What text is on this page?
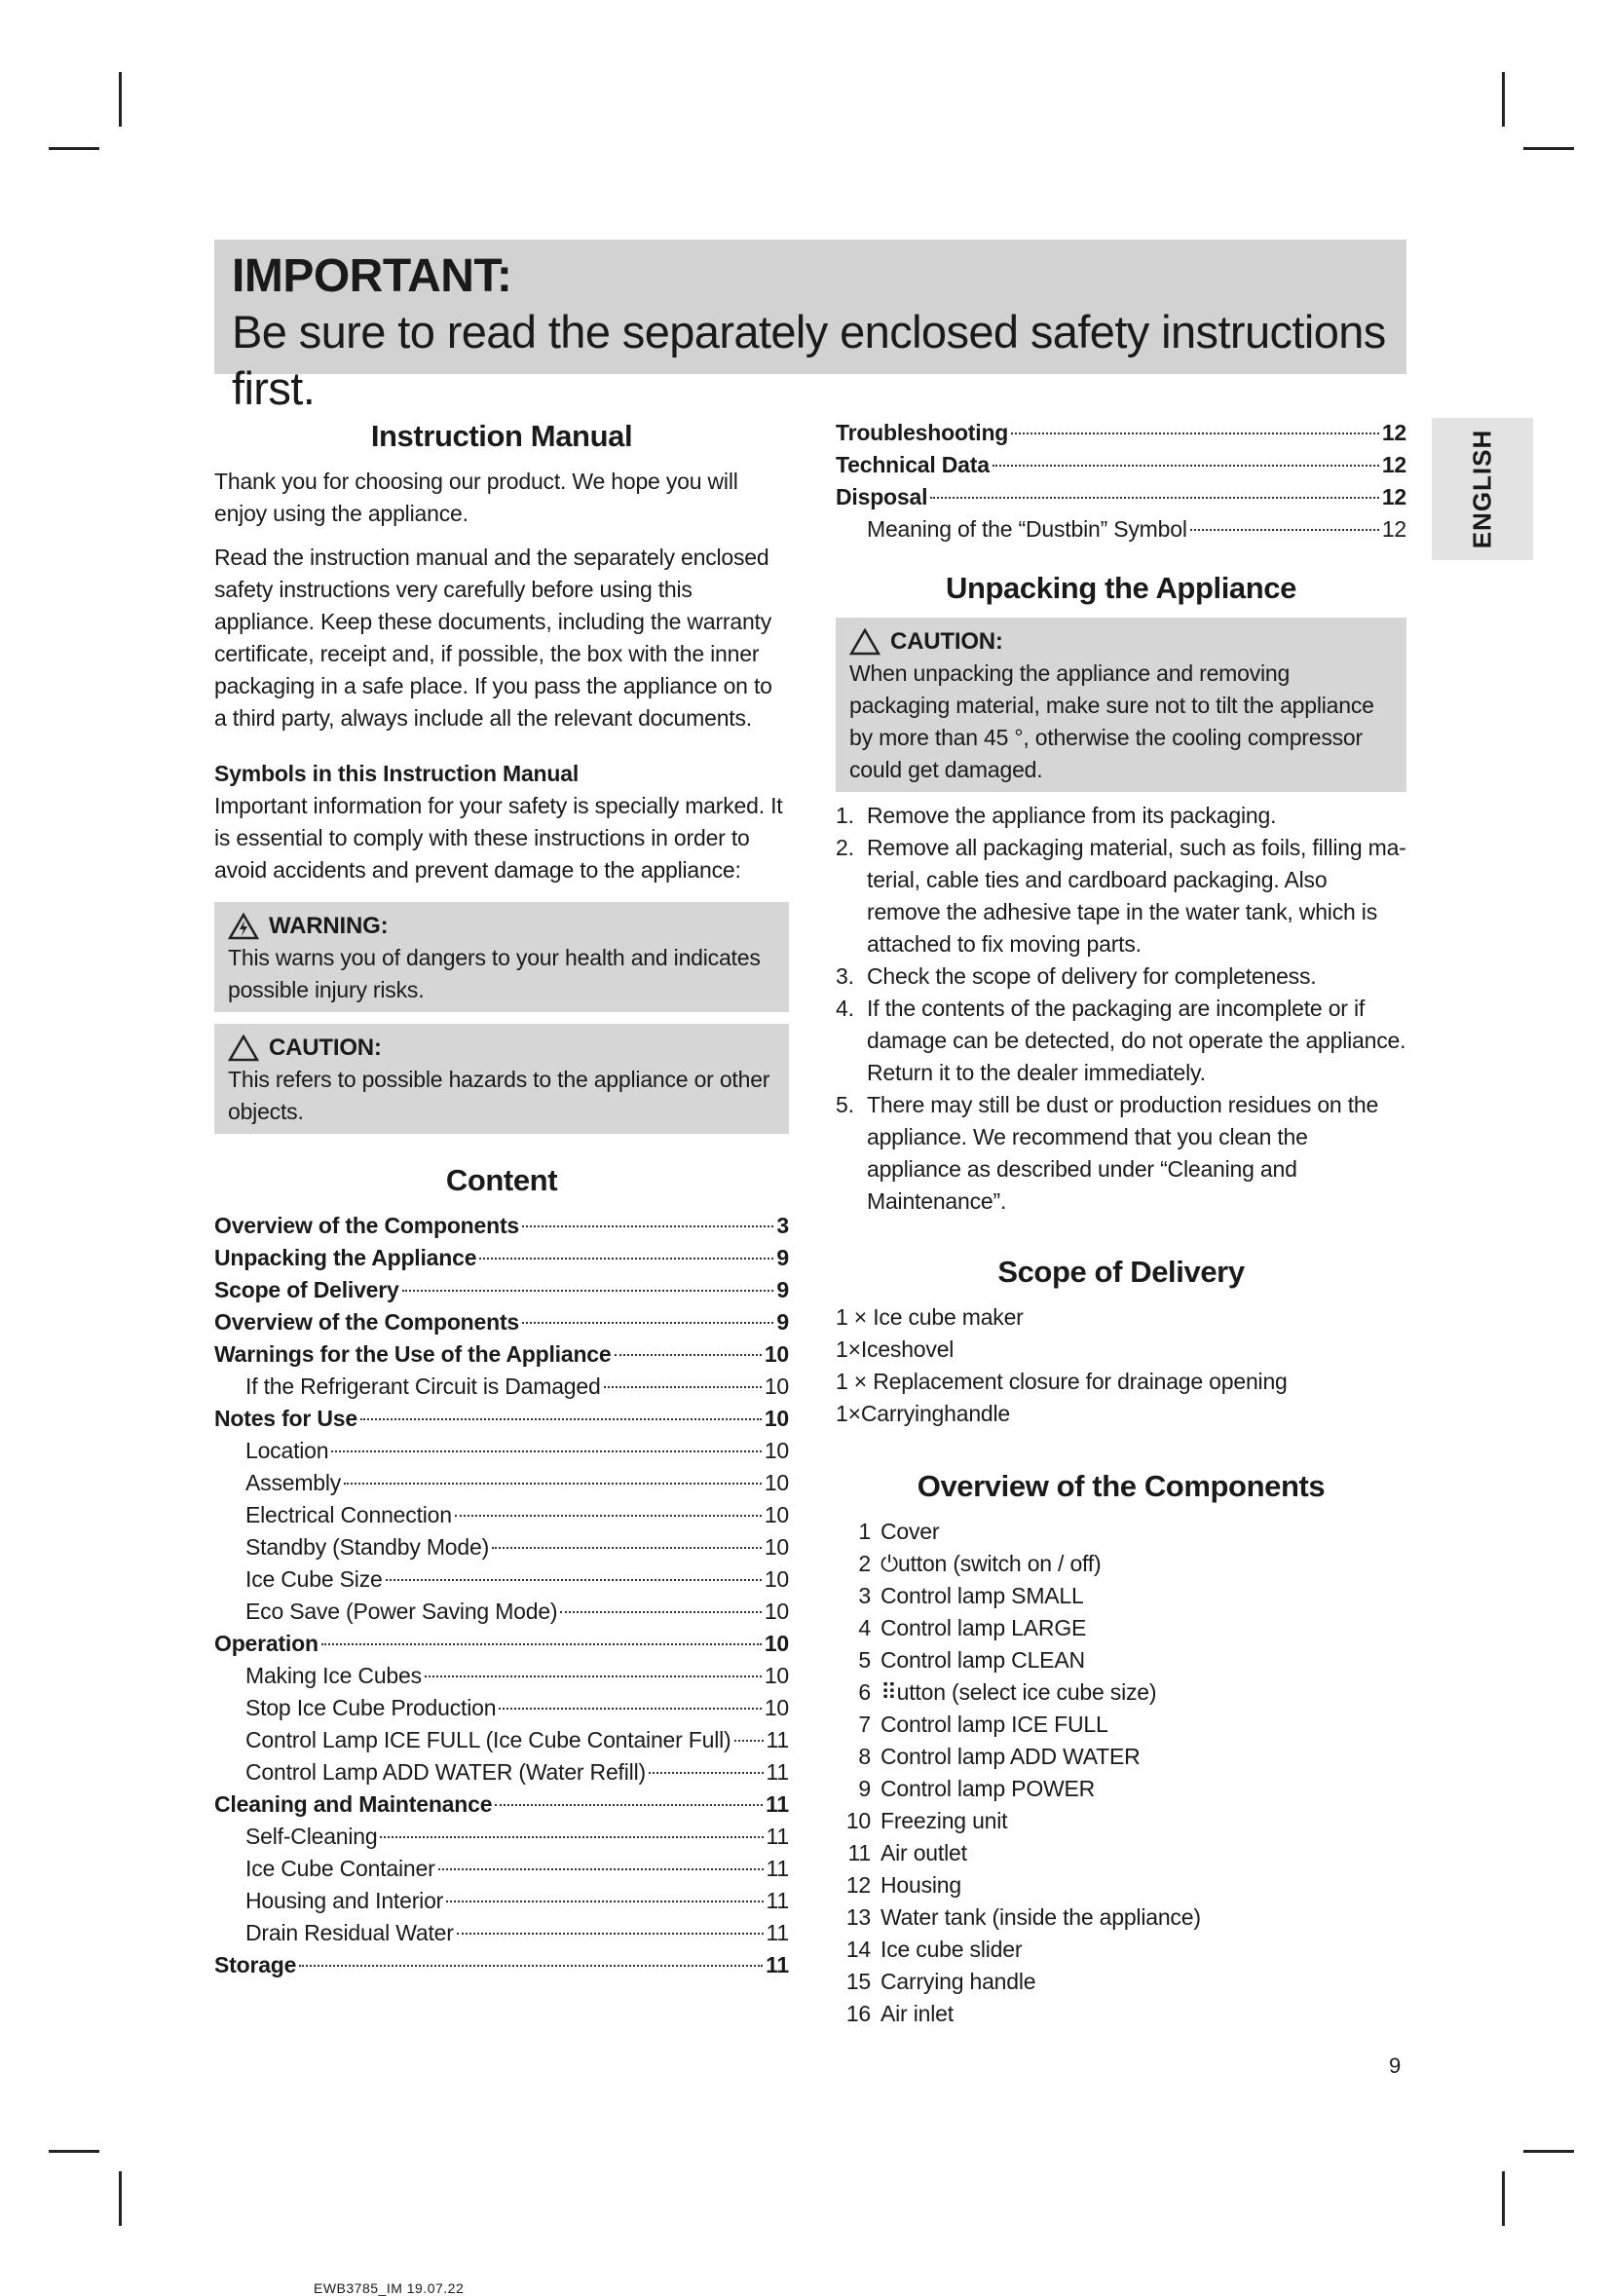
IMPORTANT:
Be sure to read the separately enclosed safety instructions first.
ENGLISH
Instruction Manual

Thank you for choosing our product. We hope you will enjoy using the appliance.

Read the instruction manual and the separately enclosed safety instructions very carefully before using this appliance. Keep these documents, including the warranty certificate, receipt and, if possible, the box with the inner packaging in a safe place. If you pass the appliance on to a third party, always include all the relevant documents.

Symbols in this Instruction Manual

Important information for your safety is specially marked. It is essential to comply with these instructions in order to avoid accidents and prevent damage to the appliance:

WARNING:
This warns you of dangers to your health and indicates possible injury risks.
CAUTION:
This refers to possible hazards to the appliance or other objects.
Content
Overview of the Components	3
Unpacking the Appliance	9
Scope of Delivery	9
Overview of the Components	9
Warnings for the Use of the Appliance	10
If the Refrigerant Circuit is Damaged	10
Notes for Use	10
Location	10
Assembly	10
Electrical Connection	10
Standby (Standby Mode)	10
Ice Cube Size	10
Eco Save (Power Saving Mode)	10
Operation	10
Making Ice Cubes	10
Stop Ice Cube Production	10
Control Lamp ICE FULL (Ice Cube Container Full) 11
Control Lamp ADD WATER (Water Refill)	11
Cleaning and Maintenance	11
Self-Cleaning	11
Ice Cube Container	11
Housing and Interior	11
Drain Residual Water	11
Storage	11
Troubleshooting	12
Technical Data	12
Disposal	12
Meaning of the “Dustbin” Symbol	12
Unpacking the Appliance
CAUTION:
When unpacking the appliance and removing packaging material, make sure not to tilt the appliance by more than 45 °, otherwise the cooling compressor could get damaged.
1. Remove the appliance from its packaging.
2. Remove all packaging material, such as foils, filling ma-terial, cable ties and cardboard packaging. Also remove the adhesive tape in the water tank, which is attached to fix moving parts.
3. Check the scope of delivery for completeness.
4. If the contents of the packaging are incomplete or if damage can be detected, do not operate the appliance. Return it to the dealer immediately.
5. There may still be dust or production residues on the appliance. We recommend that you clean the appliance as described under “Cleaning and Maintenance”.
Scope of Delivery
1 × Ice cube maker
1×Iceshovel
1 × Replacement closure for drainage opening
1×Carryinghandle
Overview of the Components
1 Cover
2 ⏻utton (switch on / off)
3 Control lamp SMALL
4 Control lamp LARGE
5 Control lamp CLEAN
6 ⠿utton (select ice cube size)
7 Control lamp ICE FULL
8 Control lamp ADD WATER
9 Control lamp POWER
10 Freezing unit
11 Air outlet
12 Housing
13 Water tank (inside the appliance)
14 Ice cube slider
15 Carrying handle
16 Air inlet
9
EWB3785_IM 19.07.22
